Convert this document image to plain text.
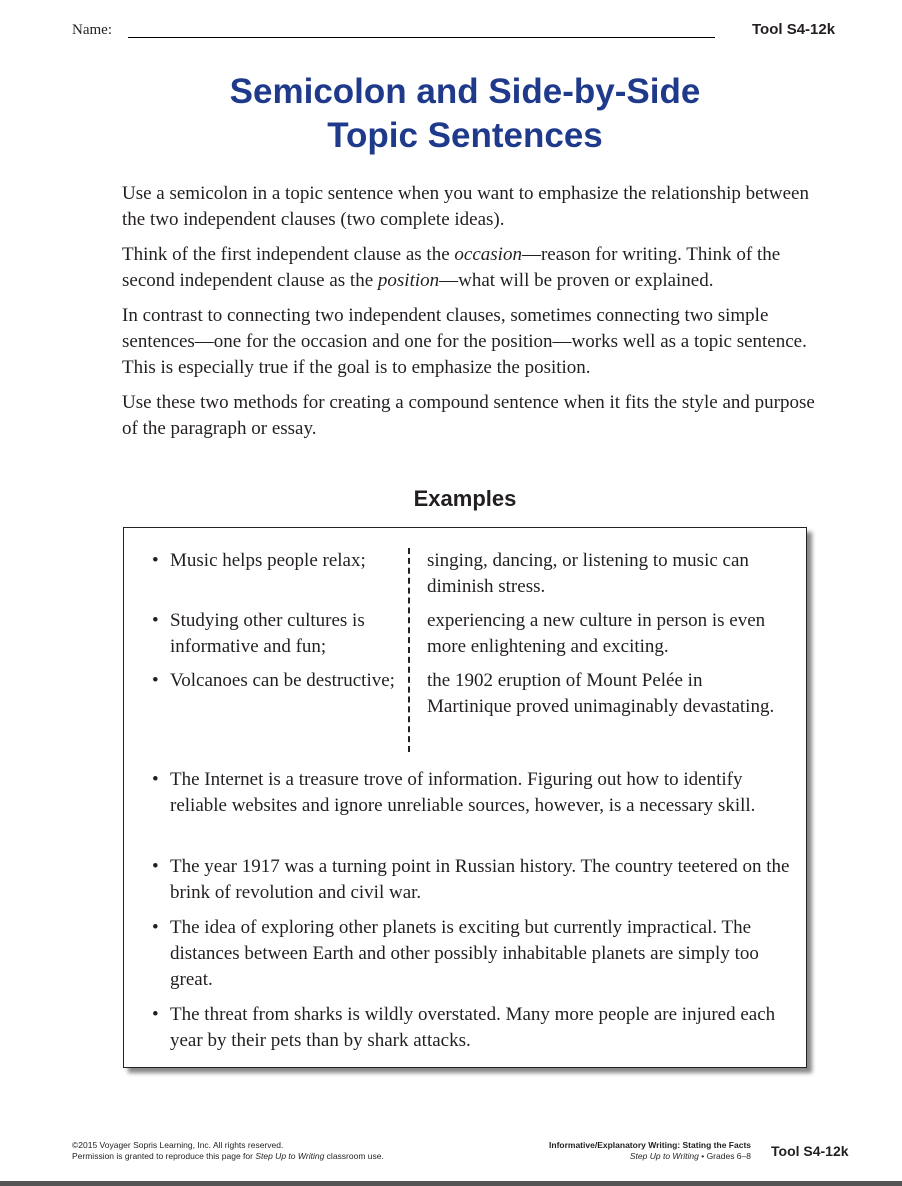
Name:	Tool S4-12k
Semicolon and Side-by-Side
Topic Sentences

Use a semicolon in a topic sentence when you want to emphasize the relationship between the two independent clauses (two complete ideas).

Think of the first independent clause as the occasion—reason for writing. Think of the second independent clause as the position—what will be proven or explained.

In contrast to connecting two independent clauses, sometimes connecting two simple sentences—one for the occasion and one for the position—works well as a topic sentence. This is especially true if the goal is to emphasize the position.

Use these two methods for creating a compound sentence when it fits the style and purpose of the paragraph or essay.

Examples
• Music helps people relax;	singing, dancing, or listening to music can diminish stress.
• Studying other cultures is informative and fun;
experiencing a new culture in person is even more enlightening and exciting.
• Volcanoes can be destructive; the 1902 eruption of Mount Pelée in Martinique proved unimaginably devastating.
• The Internet is a treasure trove of information. Figuring out how to identify reliable websites and ignore unreliable sources, however, is a necessary skill.
• The year 1917 was a turning point in Russian history. The country teetered on the brink of revolution and civil war.
• The idea of exploring other planets is exciting but currently impractical. The distances between Earth and other possibly inhabitable planets are simply too great.
• The threat from sharks is wildly overstated. Many more people are injured each year by their pets than by shark attacks.
©2015 Voyager Sopris Learning, Inc. All rights reserved.
Permission is granted to reproduce this page for Step Up to Writing classroom use.
Informative/Explanatory Writing: Stating the Facts
Step Up to Writing • Grades 6–8 Tool S4-12k
